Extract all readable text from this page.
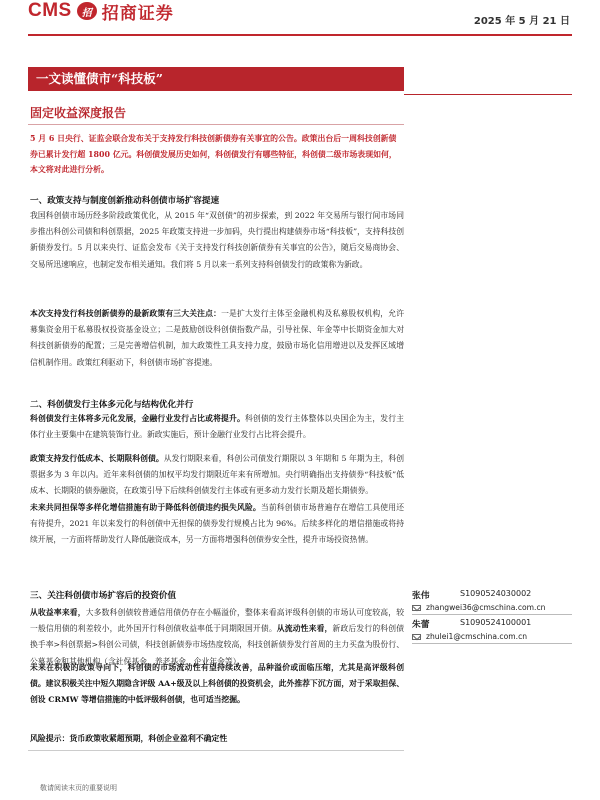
CMS	招 招商证券	2025 年 5 月 21 日
一文读懂债市“科技板”
固定收益深度报告
5 月 6 日央行、证监会联合发布关于支持发行科技创新债券有关事宜的公告。政策出台后一周科技创新债券已累计发行超 1800 亿元。科创债发展历史如何，科创债发行有哪些特征，科创债二级市场表现如何，本文将对此进行分析。
一、政策支持与制度创新推动科创债市场扩容提速
我国科创债市场历经多阶段政策优化，从 2015 年“双创债”的初步探索，到 2022 年交易所与银行间市场同步推出科创公司债和科创票据，2025 年政策支持进一步加码，央行提出构建债券市场“科技板”，支持科技创新债券发行。5 月以来央行、证监会发布《关于支持发行科技创新债券有关事宜的公告》，随后交易商协会、交易所迅速响应，也制定发布相关通知。我们将 5 月以来一系列支持科创债发行的政策称为新政。
本次支持发行科技创新债券的最新政策有三大关注点：一是扩大发行主体至金融机构及私募股权机构，允许募集资金用于私募股权投资基金设立；二是鼓励创设科创债指数产品，引导社保、年金等中长期资金加大对科技创新债券的配置；三是完善增信机制，加大政策性工具支持力度，鼓励市场化信用增进以及发挥区域增信机制作用。政策红利驱动下，科创债市场扩容提速。
二、科创债发行主体多元化与结构优化并行
科创债发行主体将多元化发展，金融行业发行占比或将提升。科创债的发行主体整体以央国企为主，发行主体行业主要集中在建筑装饰行业。新政实施后，预计金融行业发行占比将会提升。
政策支持发行低成本、长期限科创债。从发行期限来看，科创公司债发行期限以 3 年期和 5 年期为主，科创票据多为 3 年以内。近年来科创债的加权平均发行期限近年来有所增加。央行明确指出支持债券“科技板”低成本、长期限的债券融资，在政策引导下后续科创债发行主体或有更多动力发行长期及超长期债券。
未来共同担保等多样化增信措施有助于降低科创债违约损失风险。当前科创债市场普遍存在增信工具使用还有待提升，2021 年以来发行的科创债中无担保的债券发行规模占比为 96%。后续多样化的增信措施或将持续开展，一方面将帮助发行人降低融资成本，另一方面将增强科创债券安全性，提升市场投资热情。
三、关注科创债市场扩容后的投资价值
从收益率来看，大多数科创债较普通信用债仍存在小幅溢价，整体来看高评级科创债的市场认可度较高，较一般信用债的利差较小，此外国开行科创债收益率低于同期限国开债。从流动性来看，新政后发行的科创债换手率>科创票据>科创公司债，科技创新债券市场热度较高，科技创新债券发行首周的主力买盘为股份行、公募基金和其他机构（含社保基金、养老基金、企业年金等）。
未来在积极的政策导向下，科创债的市场流动性有望持续改善，品种溢价或面临压缩，尤其是高评级科创债。建议积极关注中短久期隐含评级 AA+级及以上科创债的投资机会，此外推荐下沉方面，对于采取担保、创设 CRMW 等增信措施的中低评级科创债，也可适当挖掘。
风险提示：货币政策收紧超预期，科创企业盈利不确定性
敬请阅读末页的重要说明
张伟	S1090524030002
zhangwei36@cmschina.com.cn
朱蕾	S1090524100001
zhulei1@cmschina.com.cn
